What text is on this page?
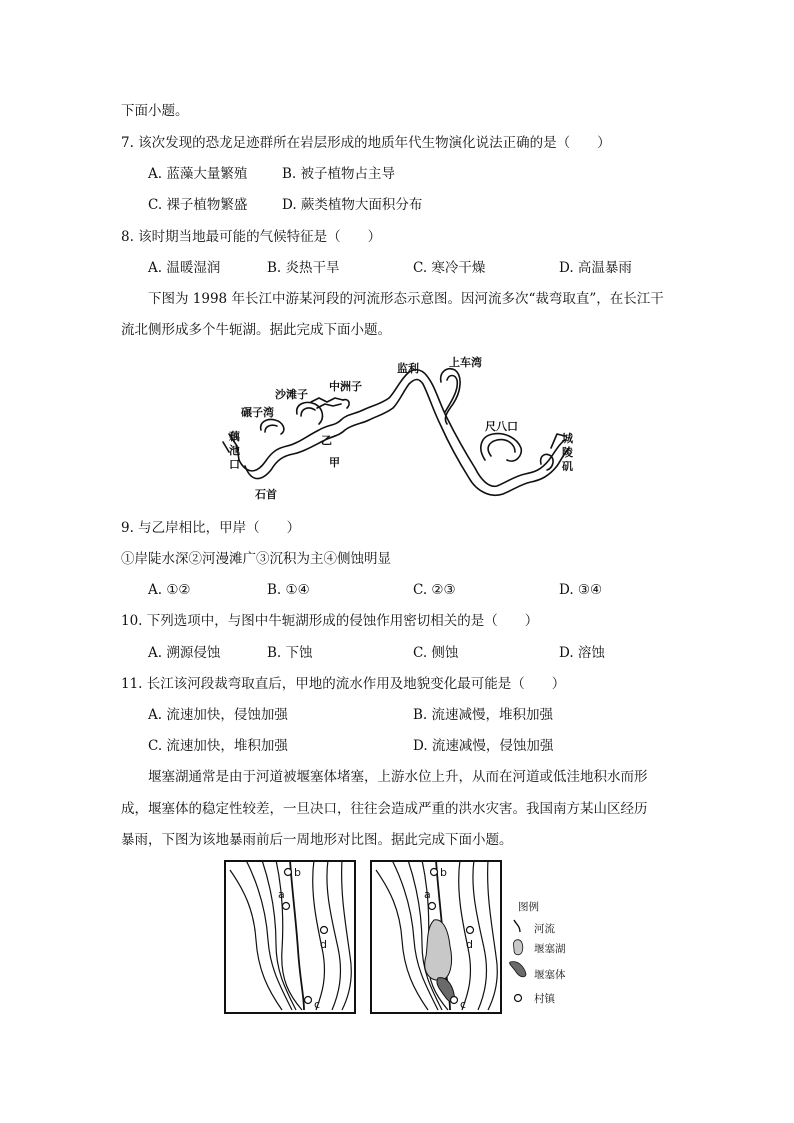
下面小题。
7. 该次发现的恐龙足迹群所在岩层形成的地质年代生物演化说法正确的是（　　）
A. 蓝藻大量繁殖	B. 被子植物占主导
C. 裸子植物繁盛	D. 蕨类植物大面积分布
8. 该时期当地最可能的气候特征是（　　）
A. 温暖湿润	B. 炎热干旱	C. 寒冷干燥	D. 高温暴雨
下图为 1998 年长江中游某河段的河流形态示意图。因河流多次“裁弯取直”，在长江干
流北侧形成多个牛轭湖。据此完成下面小题。
藕
池
口
石首
碾子湾
沙滩子
中洲子
乙
甲
监利	上车湾
尺八口
城
陵
矶
9. 与乙岸相比，甲岸（　　）
①岸陡水深②河漫滩广③沉积为主④侧蚀明显
A. ①②	B. ①④	C. ②③	D. ③④
10. 下列选项中，与图中牛轭湖形成的侵蚀作用密切相关的是（　　）
A. 溯源侵蚀	B. 下蚀	C. 侧蚀	D. 溶蚀
11. 长江该河段裁弯取直后，甲地的流水作用及地貌变化最可能是（　　）
A. 流速加快，侵蚀加强	B. 流速减慢，堆积加强
C. 流速加快，堆积加强	D. 流速减慢，侵蚀加强
堰塞湖通常是由于河道被堰塞体堵塞，上游水位上升，从而在河道或低洼地积水而形
成，堰塞体的稳定性较差，一旦决口，往往会造成严重的洪水灾害。我国南方某山区经历
暴雨，下图为该地暴雨前后一周地形对比图。据此完成下面小题。
b
a
d
c
b
a
d
c
图例
河流
堰塞湖
堰塞体
村镇
